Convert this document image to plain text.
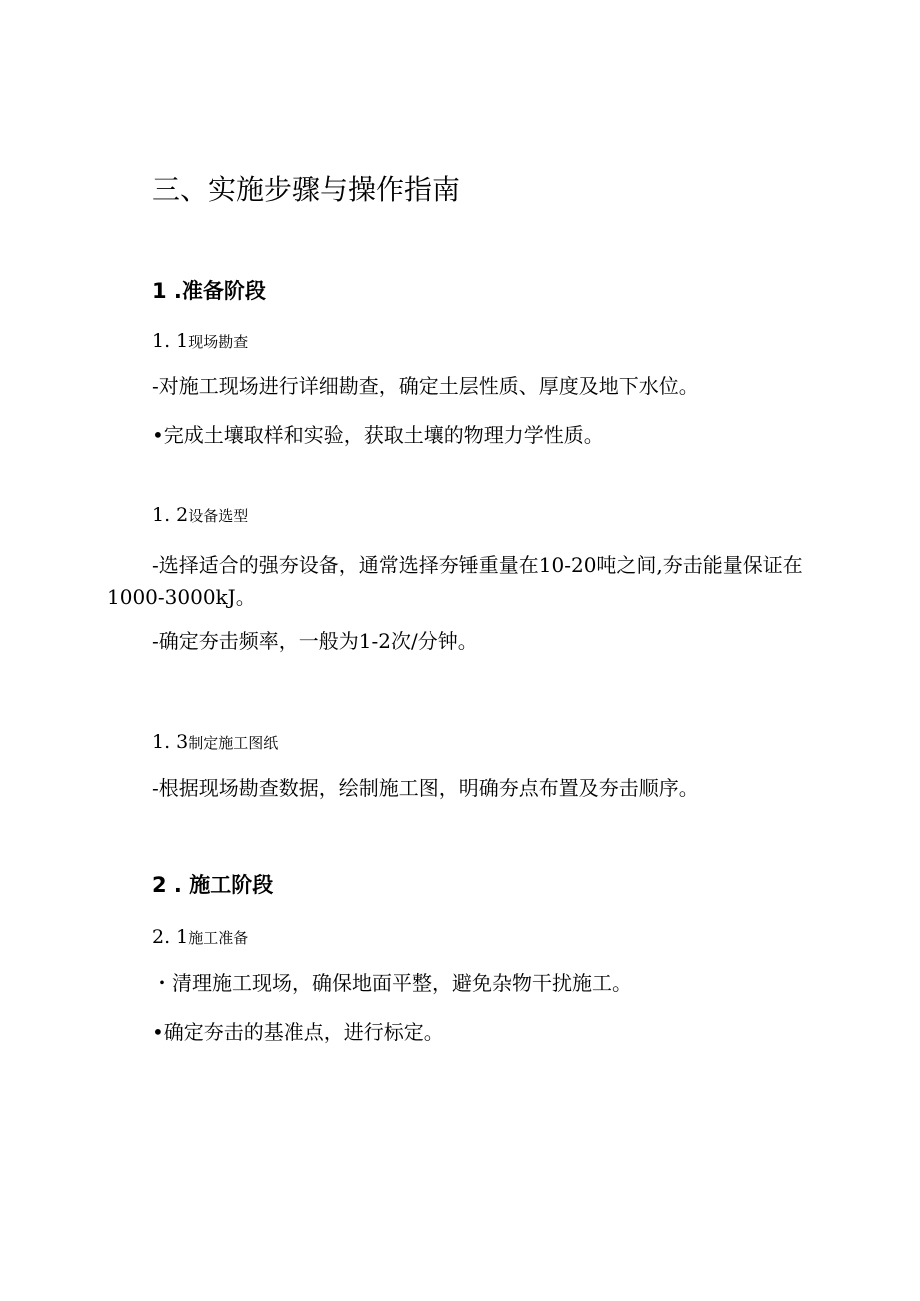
三、实施步骤与操作指南
1 .准备阶段
1. 1现场勘查
-对施工现场进行详细勘查，确定土层性质、厚度及地下水位。
•完成土壤取样和实验，获取土壤的物理力学性质。
1. 2设备选型
-选择适合的强夯设备，通常选择夯锤重量在10-20吨之间,夯击能量保证在1000-3000kJ。
-确定夯击频率，一般为1-2次/分钟。
1. 3制定施工图纸
-根据现场勘查数据，绘制施工图，明确夯点布置及夯击顺序。
2 . 施工阶段
2. 1施工准备
・清理施工现场，确保地面平整，避免杂物干扰施工。
•确定夯击的基准点，进行标定。
